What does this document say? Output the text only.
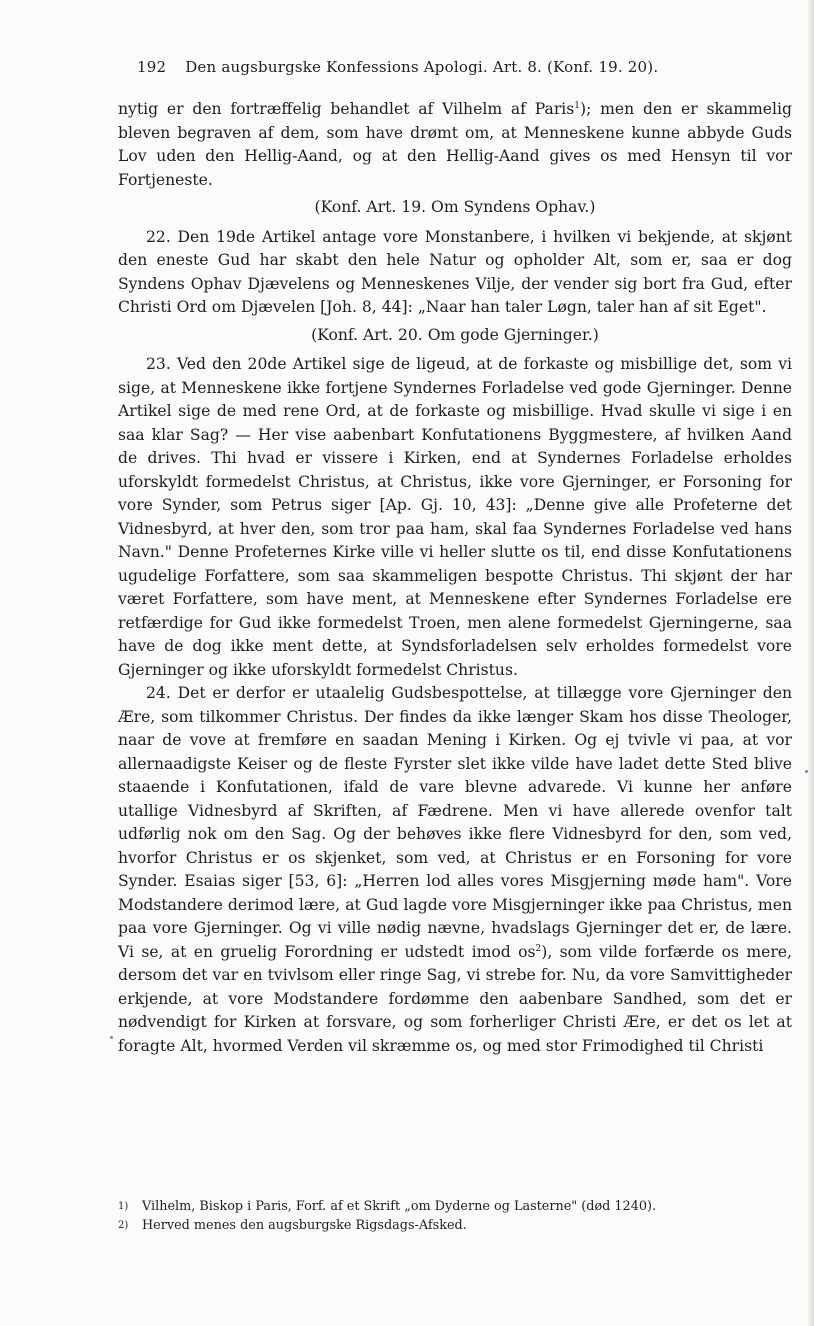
192 Den augsburgske Konfessions Apologi. Art. 8. (Konf. 19. 20).

nytig er den fortræffelig behandlet af Vilhelm af Paris$^1$); men den er skammelig bleven begraven af dem, som have drømt om, at Menneskene kunne abbyde Guds Lov uden den Hellig-Aand, og at den Hellig-Aand gives os med Hensyn til vor Fortjeneste.

(Konf. Art. 19. Om Syndens Ophav.)

22. Den 19de Artikel antage vore Monstanbere, i hvilken vi bekjende, at skjønt den eneste Gud har skabt den hele Natur og opholder Alt, som er, saa er dog Syndens Ophav Djævelens og Menneskenes Vilje, der vender sig bort fra Gud, efter Christi Ord om Djævelen [Joh. 8, 44]: „Naar han taler Løgn, taler han af sit Eget".

(Konf. Art. 20. Om gode Gjerninger.)

23. Ved den 20de Artikel sige de ligeud, at de forkaste og misbillige det, som vi sige, at Menneskene ikke fortjene Syndernes Forladelse ved gode Gjerninger. Denne Artikel sige de med rene Ord, at de forkaste og misbillige. Hvad skulle vi sige i en saa klar Sag? — Her vise aabenbart Konfutationens Byggmestere, af hvilken Aand de drives. Thi hvad er vissere i Kirken, end at Syndernes Forladelse erholdes uforskyldt formedelst Christus, at Christus, ikke vore Gjerninger, er Forsoning for vore Synder, som Petrus siger [Ap. Gj. 10, 43]: „Denne give alle Profeterne det Vidnesbyrd, at hver den, som tror paa ham, skal faa Syndernes Forladelse ved hans Navn." Denne Profeternes Kirke ville vi heller slutte os til, end disse Konfutationens ugudelige Forfattere, som saa skammeligen bespotte Christus. Thi skjønt der har været Forfattere, som have ment, at Menneskene efter Syndernes Forladelse ere retfærdige for Gud ikke formedelst Troen, men alene formedelst Gjerningerne, saa have de dog ikke ment dette, at Syndsforladelsen selv erholdes formedelst vore Gjerninger og ikke uforskyldt formedelst Christus.

24. Det er derfor er utaalelig Gudsbespottelse, at tillægge vore Gjerninger den Ære, som tilkommer Christus. Der findes da ikke længer Skam hos disse Theologer, naar de vove at fremføre en saadan Mening i Kirken. Og ej tvivle vi paa, at vor allernaadigste Keiser og de fleste Fyrster slet ikke vilde have ladet dette Sted blive staaende i Konfutationen, ifald de vare blevne advarede. Vi kunne her anføre utallige Vidnesbyrd af Skriften, af Fædrene. Men vi have allerede ovenfor talt udførlig nok om den Sag. Og der behøves ikke flere Vidnesbyrd for den, som ved, hvorfor Christus er os skjenket, som ved, at Christus er en Forsoning for vore Synder. Esaias siger [53, 6]: „Herren lod alles vores Misgjerning møde ham". Vore Modstandere derimod lære, at Gud lagde vore Misgjerninger ikke paa Christus, men paa vore Gjerninger. Og vi ville nødig nævne, hvadslags Gjerninger det er, de lære. Vi se, at en gruelig Forordning er udstedt imod $os^2$), som vilde forfærde os mere, dersom det var en tvivlsom eller ringe Sag, vi strebe for. Nu, da vore Samvittigheder erkjende, at vore Modstandere fordømme den aabenbare Sandhed, som det er nødvendigt for Kirken at forsvare, og som forherliger Christi Ære, er det os let at foragte Alt, hvormed Verden vil skræmme os, og med stor Frimodighed til Christi

1)	Vilhelm, Biskop i Paris, Forf. af et Skrift „om Dyderne og Lasterne" (død 1240).
2)	Herved menes den augsburgske Rigsdags-Afsked.
